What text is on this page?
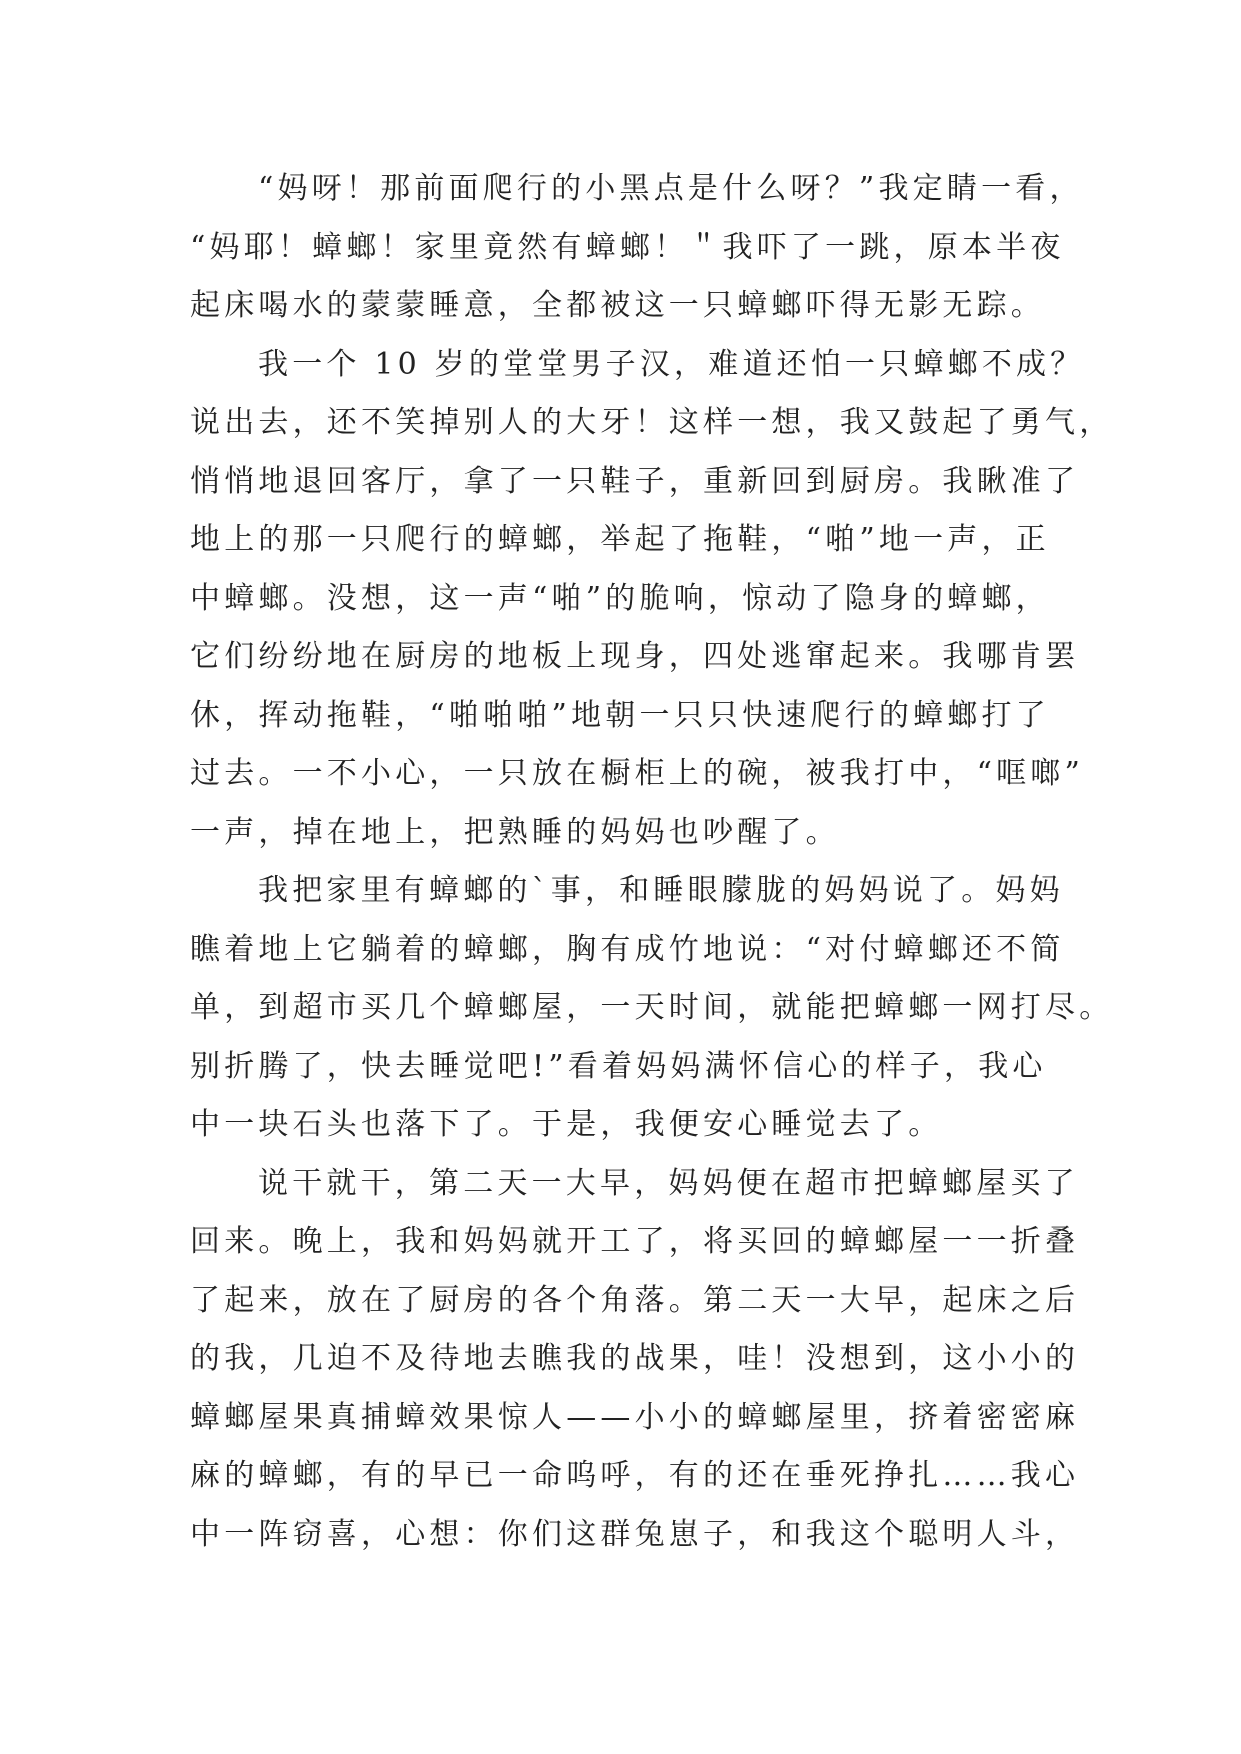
“妈呀！那前面爬行的小黑点是什么呀？”我定睛一看，
“妈耶！蟑螂！家里竟然有蟑螂！＂我吓了一跳，原本半夜
起床喝水的蒙蒙睡意，全都被这一只蟑螂吓得无影无踪。
我一个 10 岁的堂堂男子汉，难道还怕一只蟑螂不成？
说出去，还不笑掉别人的大牙！这样一想，我又鼓起了勇气，
悄悄地退回客厅，拿了一只鞋子，重新回到厨房。我瞅准了
地上的那一只爬行的蟑螂，举起了拖鞋，“啪”地一声，正
中蟑螂。没想，这一声“啪”的脆响，惊动了隐身的蟑螂，
它们纷纷地在厨房的地板上现身，四处逃窜起来。我哪肯罢
休，挥动拖鞋，“啪啪啪”地朝一只只快速爬行的蟑螂打了
过去。一不小心，一只放在橱柜上的碗，被我打中，“哐啷”
一声，掉在地上，把熟睡的妈妈也吵醒了。
我把家里有蟑螂的`事，和睡眼朦胧的妈妈说了。妈妈
瞧着地上它躺着的蟑螂，胸有成竹地说：“对付蟑螂还不简
单，到超市买几个蟑螂屋，一天时间，就能把蟑螂一网打尽。
别折腾了，快去睡觉吧!”看着妈妈满怀信心的样子，我心
中一块石头也落下了。于是，我便安心睡觉去了。
说干就干，第二天一大早，妈妈便在超市把蟑螂屋买了
回来。晚上，我和妈妈就开工了，将买回的蟑螂屋一一折叠
了起来，放在了厨房的各个角落。第二天一大早，起床之后
的我，几迫不及待地去瞧我的战果，哇！没想到，这小小的
蟑螂屋果真捕蟑效果惊人——小小的蟑螂屋里，挤着密密麻
麻的蟑螂，有的早已一命呜呼，有的还在垂死挣扎……我心
中一阵窃喜，心想：你们这群兔崽子，和我这个聪明人斗，
